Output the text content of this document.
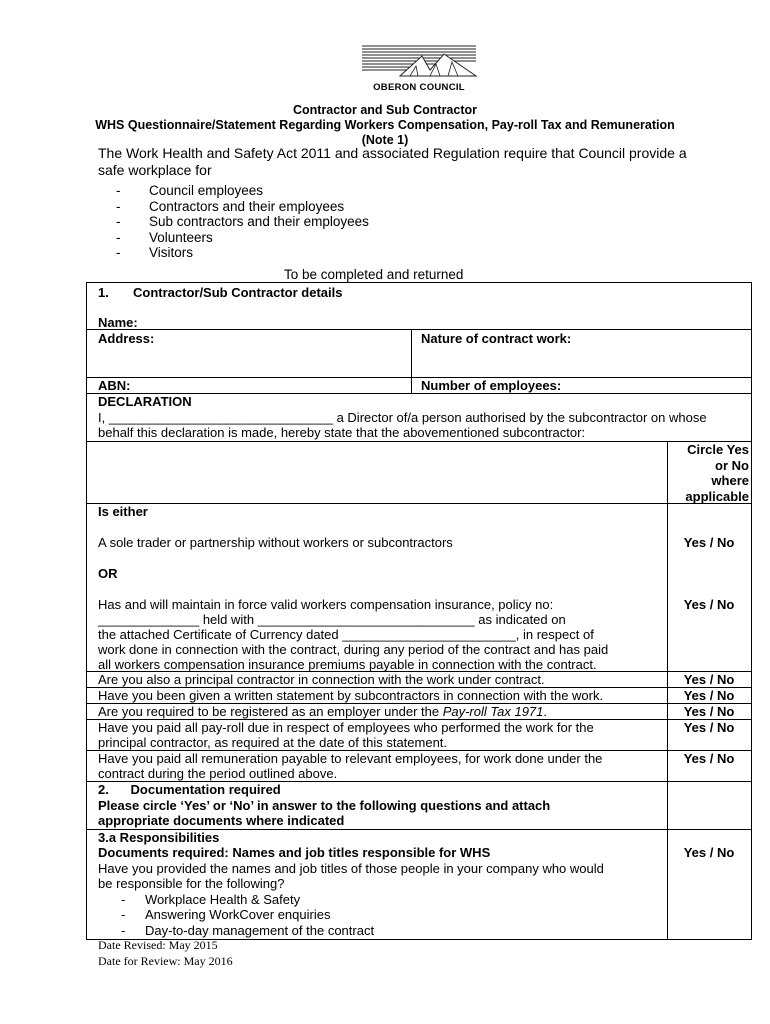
OBERON COUNCIL
Contractor and Sub Contractor
WHS Questionnaire/Statement Regarding Workers Compensation, Pay-roll Tax and Remuneration
(Note 1)
The Work Health and Safety Act 2011 and associated Regulation require that Council provide a
safe workplace for
- Council employees
- Contractors and their employees
- Sub contractors and their employees
- Volunteers
- Visitors
To be completed and returned
1. Contractor/Sub Contractor details
Name:
Address:	Nature of contract work:
ABN:	Number of employees:
DECLARATION
I, _______________________________ a Director of/a person authorised by the subcontractor on whose
behalf this declaration is made, hereby state that the abovementioned subcontractor:
Circle Yes
or No
where
applicable
Is either
A sole trader or partnership without workers or subcontractors	Yes / No
OR
Has and will maintain in force valid workers compensation insurance, policy no:	Yes / No
______________ held with ______________________________ as indicated on
the attached Certificate of Currency dated ________________________, in respect of
work done in connection with the contract, during any period of the contract and has paid
all workers compensation insurance premiums payable in connection with the contract.
Are you also a principal contractor in connection with the work under contract.	Yes / No
Have you been given a written statement by subcontractors in connection with the work.	Yes / No
Are you required to be registered as an employer under the Pay-roll Tax 1971.	Yes / No
Have you paid all pay-roll due in respect of employees who performed the work for the	Yes / No
principal contractor, as required at the date of this statement.
Have you paid all remuneration payable to relevant employees, for work done under the	Yes / No
contract during the period outlined above.
2.      Documentation required
Please circle ‘Yes’ or ‘No’ in answer to the following questions and attach
appropriate documents where indicated
3.a Responsibilities
Documents required: Names and job titles responsible for WHS	Yes / No
Have you provided the names and job titles of those people in your company who would
be responsible for the following?
- Workplace Health & Safety
- Answering WorkCover enquiries
- Day-to-day management of the contract
Date Revised: May 2015
Date for Review: May 2016
